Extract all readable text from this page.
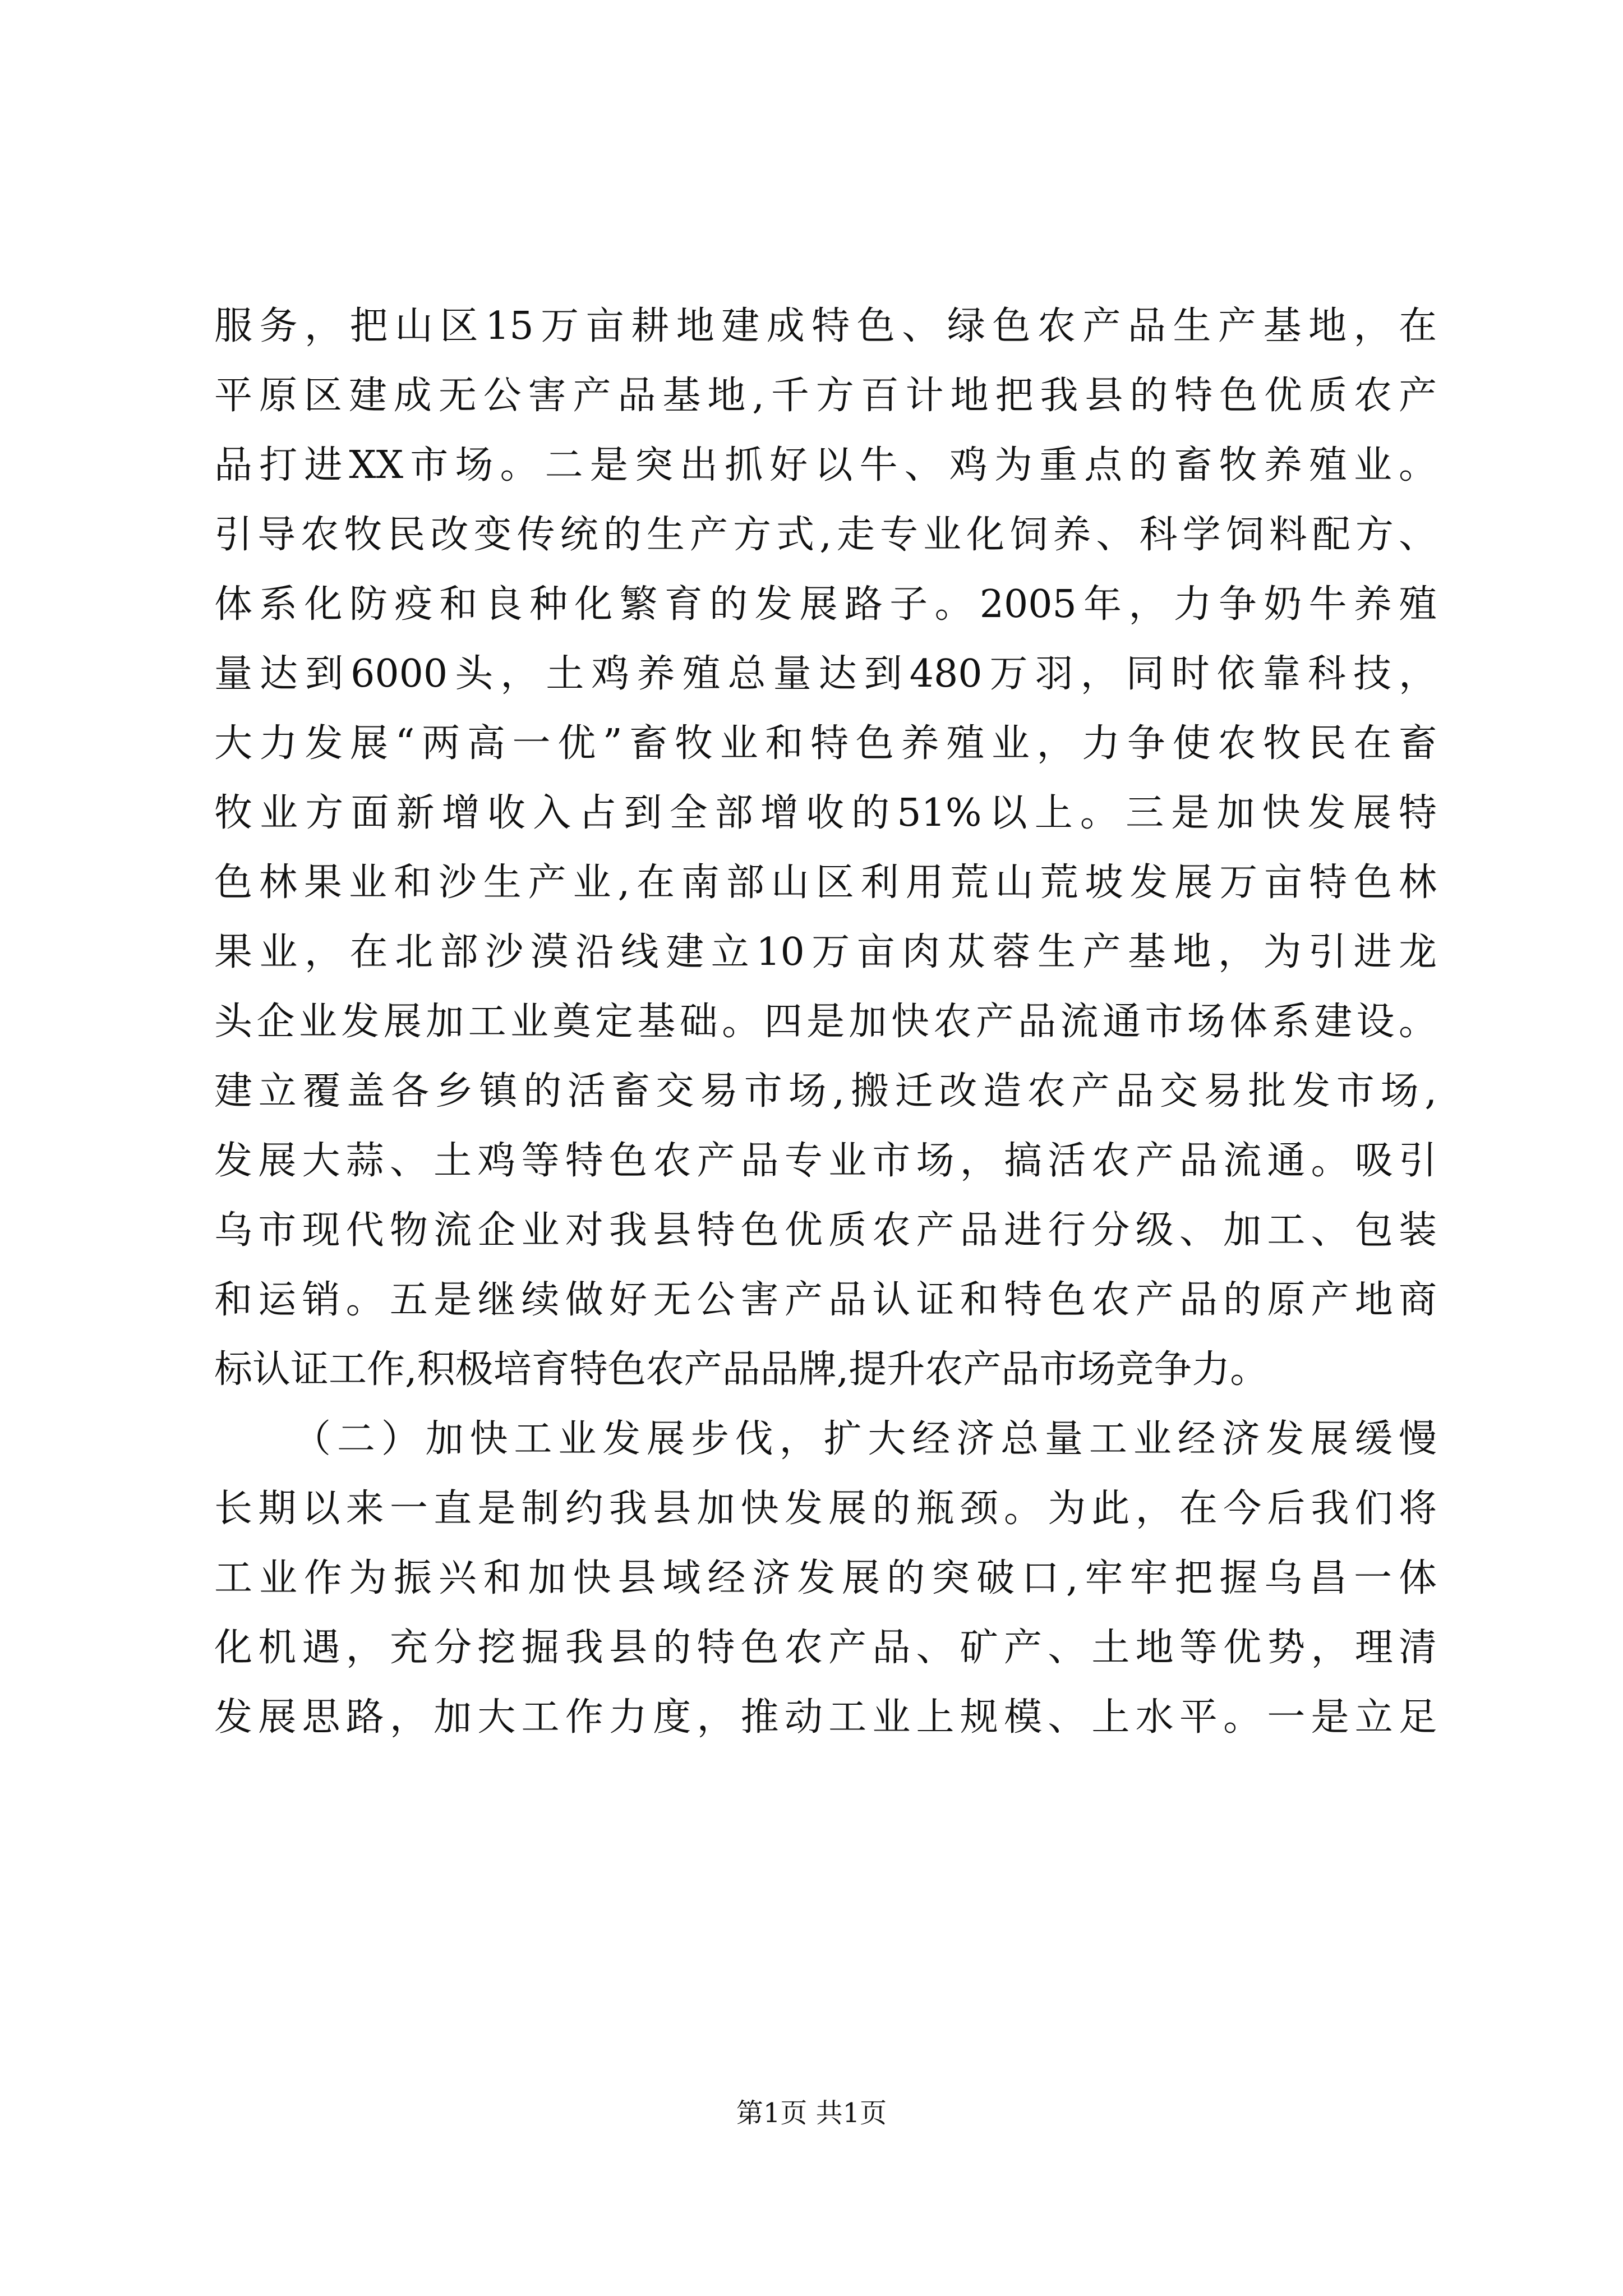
服务，把山区15万亩耕地建成特色、绿色农产品生产基地，在
平原区建成无公害产品基地,千方百计地把我县的特色优质农产
品打进XX市场。二是突出抓好以牛、鸡为重点的畜牧养殖业。
引导农牧民改变传统的生产方式,走专业化饲养、科学饲料配方、
体系化防疫和良种化繁育的发展路子。2005年，力争奶牛养殖
量达到6000头，土鸡养殖总量达到480万羽，同时依靠科技，
大力发展“两高一优”畜牧业和特色养殖业，力争使农牧民在畜
牧业方面新增收入占到全部增收的51%以上。三是加快发展特
色林果业和沙生产业,在南部山区利用荒山荒坡发展万亩特色林
果业，在北部沙漠沿线建立10万亩肉苁蓉生产基地，为引进龙
头企业发展加工业奠定基础。四是加快农产品流通市场体系建设。
建立覆盖各乡镇的活畜交易市场,搬迁改造农产品交易批发市场,
发展大蒜、土鸡等特色农产品专业市场，搞活农产品流通。吸引
乌市现代物流企业对我县特色优质农产品进行分级、加工、包装
和运销。五是继续做好无公害产品认证和特色农产品的原产地商
标认证工作,积极培育特色农产品品牌,提升农产品市场竞争力。
（二）加快工业发展步伐，扩大经济总量工业经济发展缓慢
长期以来一直是制约我县加快发展的瓶颈。为此，在今后我们将
工业作为振兴和加快县域经济发展的突破口,牢牢把握乌昌一体
化机遇，充分挖掘我县的特色农产品、矿产、土地等优势，理清
发展思路，加大工作力度，推动工业上规模、上水平。一是立足
第1页 共1页
